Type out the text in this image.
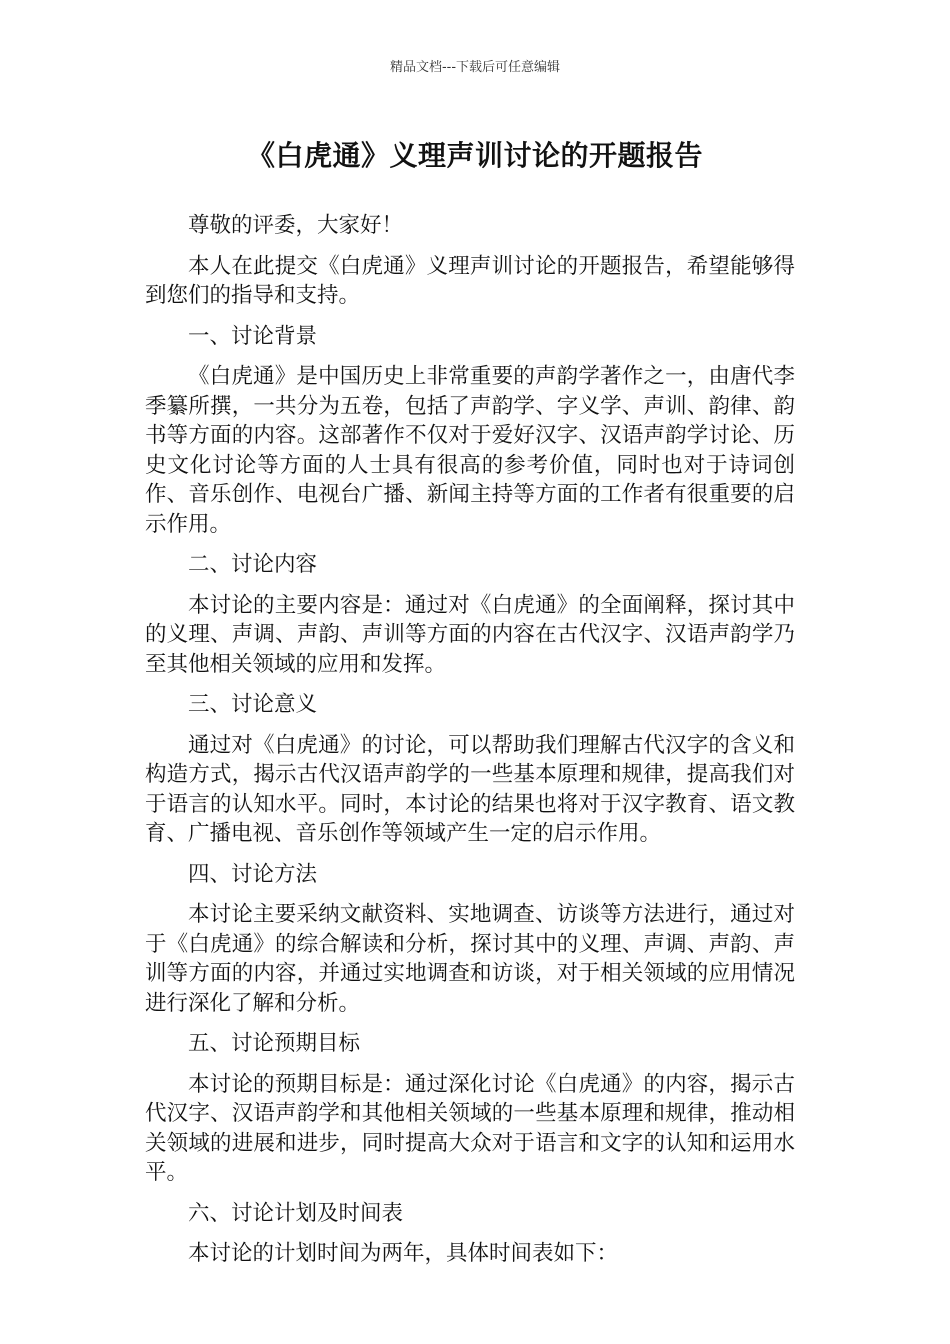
精品文档---下载后可任意编辑
《白虎通》义理声训讨论的开题报告

尊敬的评委，大家好！

本人在此提交《白虎通》义理声训讨论的开题报告，希望能够得到您们的指导和支持。

一、讨论背景

《白虎通》是中国历史上非常重要的声韵学著作之一，由唐代李季纂所撰，一共分为五卷，包括了声韵学、字义学、声训、韵律、韵书等方面的内容。这部著作不仅对于爱好汉字、汉语声韵学讨论、历史文化讨论等方面的人士具有很高的参考价值，同时也对于诗词创作、音乐创作、电视台广播、新闻主持等方面的工作者有很重要的启示作用。

二、讨论内容

本讨论的主要内容是：通过对《白虎通》的全面阐释，探讨其中的义理、声调、声韵、声训等方面的内容在古代汉字、汉语声韵学乃至其他相关领域的应用和发挥。

三、讨论意义

通过对《白虎通》的讨论，可以帮助我们理解古代汉字的含义和构造方式，揭示古代汉语声韵学的一些基本原理和规律，提高我们对于语言的认知水平。同时，本讨论的结果也将对于汉字教育、语文教育、广播电视、音乐创作等领域产生一定的启示作用。

四、讨论方法

本讨论主要采纳文献资料、实地调查、访谈等方法进行，通过对于《白虎通》的综合解读和分析，探讨其中的义理、声调、声韵、声训等方面的内容，并通过实地调查和访谈，对于相关领域的应用情况进行深化了解和分析。

五、讨论预期目标

本讨论的预期目标是：通过深化讨论《白虎通》的内容，揭示古代汉字、汉语声韵学和其他相关领域的一些基本原理和规律，推动相关领域的进展和进步，同时提高大众对于语言和文字的认知和运用水平。

六、讨论计划及时间表

本讨论的计划时间为两年，具体时间表如下：
